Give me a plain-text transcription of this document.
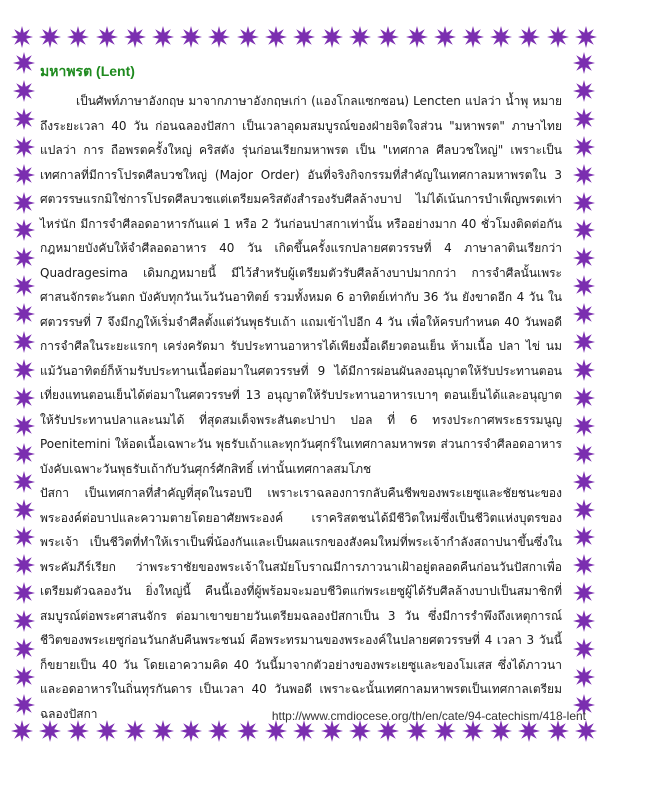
มหาพรต (Lent)

เป็นศัพท์ภาษาอังกฤษ มาจากภาษาอังกฤษเก่า (แองโกลแซกซอน) Lencten แปลว่า น้ำพุ หมายถึงระยะเวลา 40 วัน ก่อนฉลองปัสกา เป็นเวลาอุดมสมบูรณ์ของฝ่ายจิตใจส่วน "มหาพรต" ภาษาไทยแปลว่า การ ถือพรตครั้งใหญ่ คริสตัง รุ่นก่อนเรียกมหาพรต เป็น "เทศกาล ศีลบวชใหญ่" เพราะเป็นเทศกาลที่มีการโปรดศีลบวชใหญ่ (Major Order) อันที่จริงกิจกรรมที่สำคัญในเทศกาลมหาพรตใน 3 ศตวรรษแรกมิใช่การโปรดศีลบวชแต่เตรียมคริสตังสำรองรับศีลล้างบาป ไม่ได้เน้นการบำเพ็ญพรตเท่าไหร่นัก มีการจำศีลอดอาหารกันแค่ 1 หรือ 2 วันก่อนปาสกาเท่านั้น หรืออย่างมาก 40 ชั่วโมงติดต่อกันกฎหมายบังคับให้จำศีลอดอาหาร 40 วัน เกิดขึ้นครั้งแรกปลายศตวรรษที่ 4 ภาษาลาตินเรียกว่า Quadragesima เดิมกฎหมายนี้ มีไว้สำหรับผู้เตรียมตัวรับศีลล้างบาปมากกว่า การจำศีลนั้นเพระศาสนจักรตะวันตก บังคับทุกวันเว้นวันอาทิตย์ รวมทั้งหมด 6 อาทิตย์เท่ากับ 36 วัน ยังขาดอีก 4 วัน ในศตวรรษที่ 7 จึงมีกฎให้เริ่มจำศีลตั้งแต่วันพุธรับเถ้า แถมเข้าไปอีก 4 วัน เพื่อให้ครบกำหนด 40 วันพอดี การจำศีลในระยะแรกๆ เคร่งครัดมา รับประทานอาหารได้เพียงมื้อเดียวตอนเย็น ห้ามเนื้อ ปลา ไข่ นม แม้วันอาทิตย์ก็ห้ามรับประทานเนื้อต่อมาในศตวรรษที่ 9 ได้มีการผ่อนผันลงอนุญาตให้รับประทานตอนเที่ยงแทนตอนเย็นได้ต่อมาในศตวรรษที่ 13 อนุญาตให้รับประทานอาหารเบาๆ ตอนเย็นได้และอนุญาตให้รับประทานปลาและนมได้ ที่สุดสมเด็จพระสันตะปาปา ปอล ที่ 6 ทรงประกาศพระธรรมนูญ Poenitemini ให้อดเนื้อเฉพาะวัน พุธรับเถ้าและทุกวันศุกร์ในเทศกาลมหาพรต ส่วนการจำศีลอดอาหาร บังคับเฉพาะวันพุธรับเถ้ากับวันศุกร์ศักสิทธิ์ เท่านั้นเทศกาลสมโภช

ปัสกา เป็นเทศกาลที่สำคัญที่สุดในรอบปี เพราะเราฉลองการกลับคืนชีพของพระเยซูและชัยชนะของพระองค์ต่อบาปและความตายโดยอาศัยพระองค์ เราคริสตชนได้มีชีวิตใหม่ซึ่งเป็นชีวิตแห่งบุตรของพระเจ้า เป็นชีวิตที่ทำให้เราเป็นพี่น้องกันและเป็นผลแรกของสังคมใหม่ที่พระเจ้ากำลังสถาปนาขึ้นซึ่งในพระคัมภีร์เรียก ว่าพระราชัยของพระเจ้าในสมัยโบราณมีการภาวนาเฝ้าอยู่ตลอดคืนก่อนวันปัสกาเพื่อเตรียมตัวฉลองวัน ยิ่งใหญ่นี้ คืนนี้เองที่ผู้พร้อมจะมอบชีวิตแก่พระเยซูผู้ได้รับศีลล้างบาปเป็นสมาชิกที่สมบูรณ์ต่อพระศาสนจักร ต่อมาเขาขยายวันเตรียมฉลองปัสกาเป็น 3 วัน ซึ่งมีการรำพึงถึงเหตุการณ์ชีวิตของพระเยซูก่อนวันกลับคืนพระชนม์ คือพระทรมานของพระองค์ในปลายศตวรรษที่ 4 เวลา 3 วันนี้ก็ขยายเป็น 40 วัน โดยเอาความคิด 40 วันนี้มาจากตัวอย่างของพระเยซูและของโมเสส ซึ่งได้ภาวนาและอดอาหารในถิ่นทุรกันดาร เป็นเวลา 40 วันพอดี เพราะฉะนั้นเทศกาลมหาพรตเป็นเทศกาลเตรียมฉลองปัสกา	http://www.cmdiocese.org/th/en/cate/94-catechism/418-lent
